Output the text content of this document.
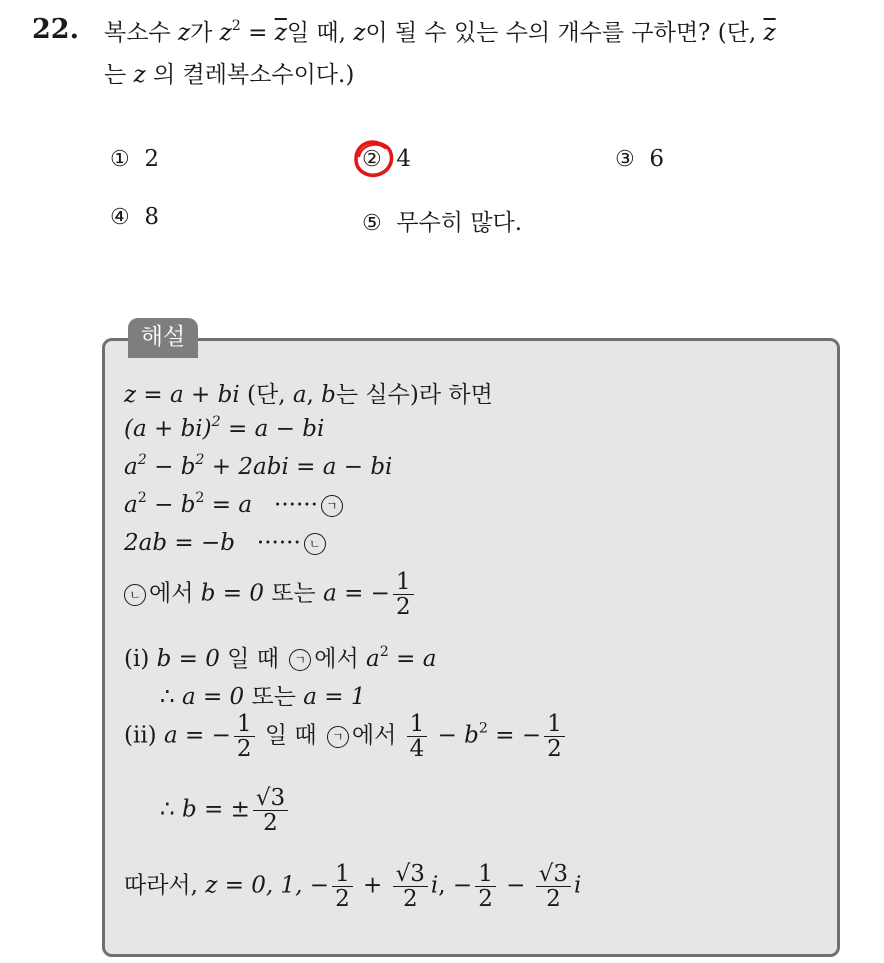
22. 복소수 z가 $z^2 = \overline{z}$일 때, z이 될 수 있는 수의 개수를 구하면? (단, $\overline{z}$
는 z 의 켤레복소수이다.)
① 2	② 4	③ 6
④ 8	⑤ 무수히 많다.
해설
z = a + bi (단, a, b는 실수)라 하면
(a + bi)$^2$ = a − bi
$a^2 - b^2 + 2abi = a$ − bi
$a^2 - b^2 = a$ ······ ㄱ
2ab = −b ······ ㄴ
ㄴ 에서 b = 0 또는 a = − $\frac{1}{2}$
(i) b = 0 일 때 ㄱ 에서 $a^2 = a$
∴ a = 0 또는 a = 1
(ii) a = − $\frac{1}{2}$ 일 때 ㄱ 에서 $\frac{1}{4} - b^2$ = − $\frac{1}{2}$
∴ b = ± $\frac{√3}{2}$
따라서, z = 0, 1, − $\frac{1}{2} + \frac{√3}{2} i$, − $\frac{1}{2} - \frac{√3}{2}$ i
